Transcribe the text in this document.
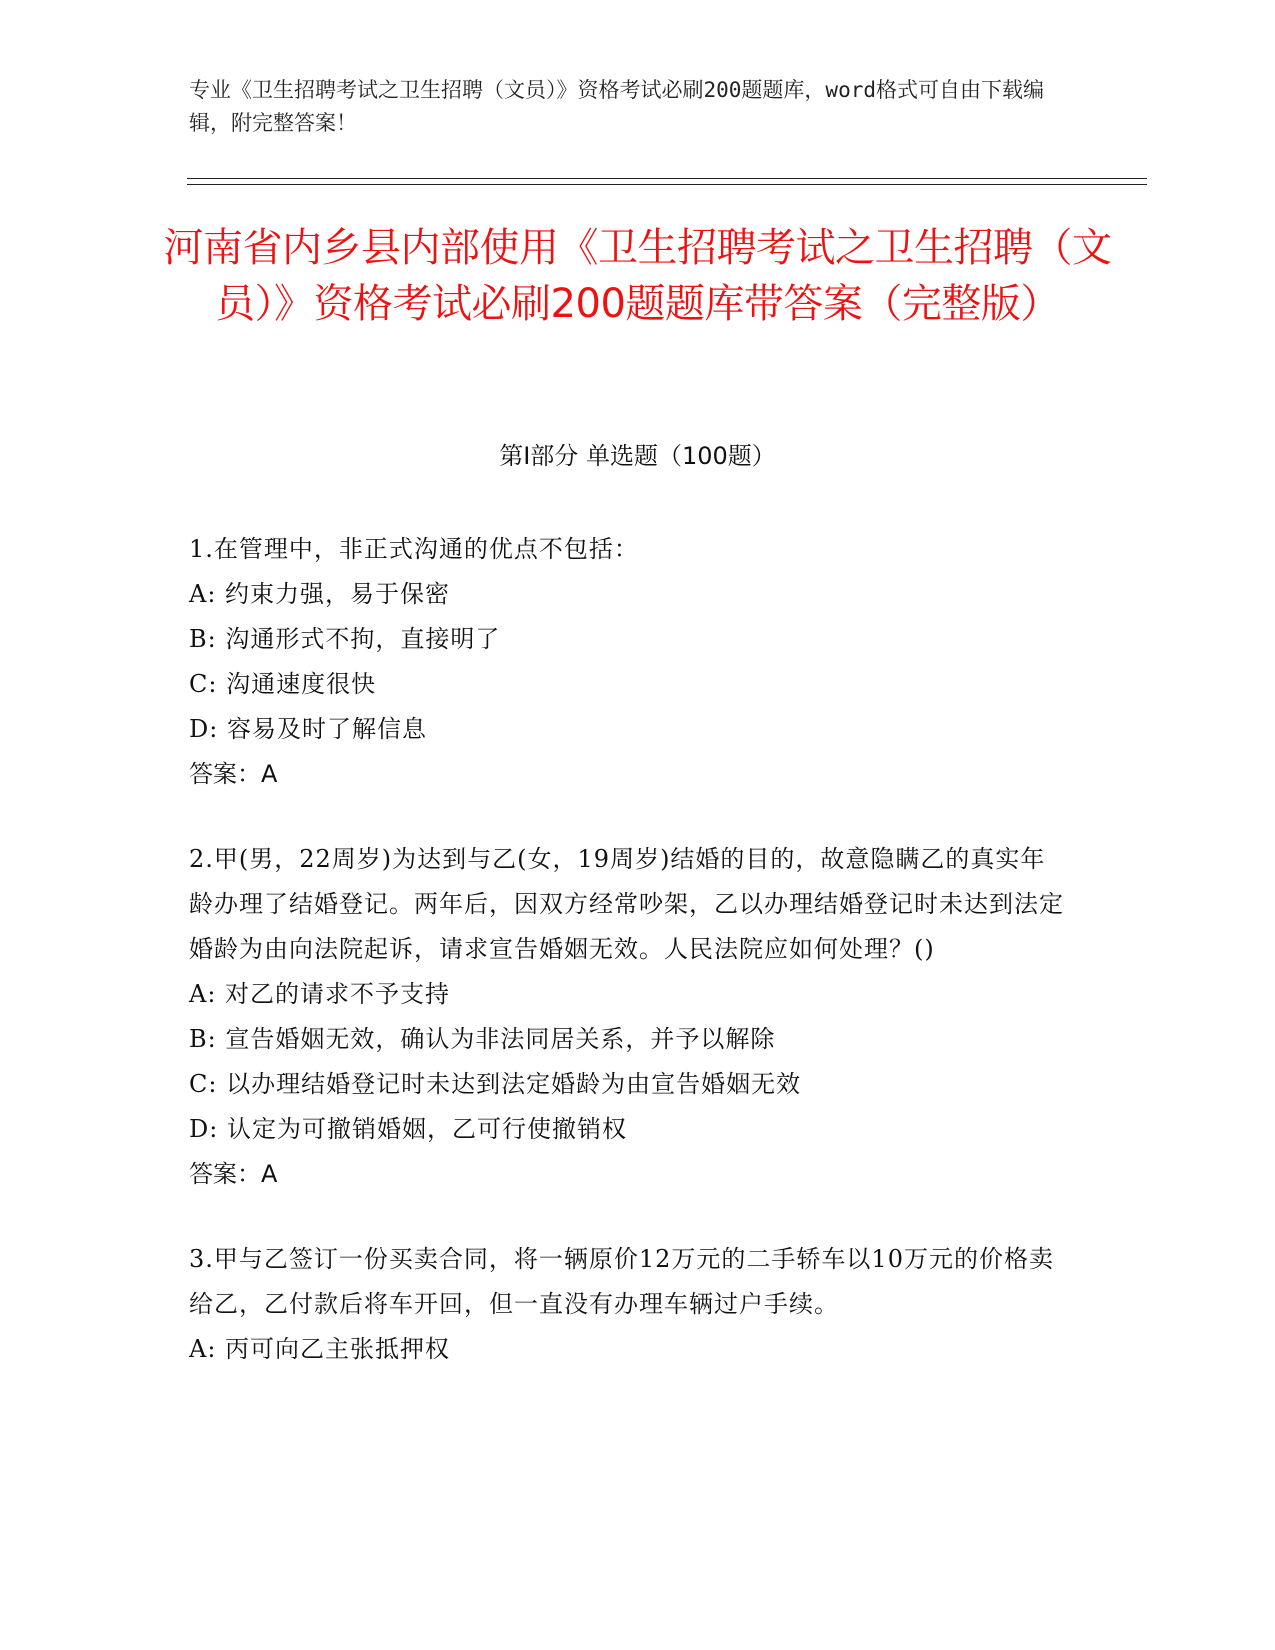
专业《卫生招聘考试之卫生招聘（文员）》资格考试必刷200题题库，word格式可自由下载编辑，附完整答案！
河南省内乡县内部使用《卫生招聘考试之卫生招聘（文员）》资格考试必刷200题题库带答案（完整版）
第Ⅰ部分 单选题（100题）
1.在管理中，非正式沟通的优点不包括：
A: 约束力强，易于保密
B: 沟通形式不拘，直接明了
C: 沟通速度很快
D: 容易及时了解信息
答案：A
2.甲(男，22周岁)为达到与乙(女，19周岁)结婚的目的，故意隐瞒乙的真实年龄办理了结婚登记。两年后，因双方经常吵架，乙以办理结婚登记时未达到法定婚龄为由向法院起诉，请求宣告婚姻无效。人民法院应如何处理？()
A: 对乙的请求不予支持
B: 宣告婚姻无效，确认为非法同居关系，并予以解除
C: 以办理结婚登记时未达到法定婚龄为由宣告婚姻无效
D: 认定为可撤销婚姻，乙可行使撤销权
答案：A
3.甲与乙签订一份买卖合同，将一辆原价12万元的二手轿车以10万元的价格卖给乙，乙付款后将车开回，但一直没有办理车辆过户手续。
A: 丙可向乙主张抵押权
